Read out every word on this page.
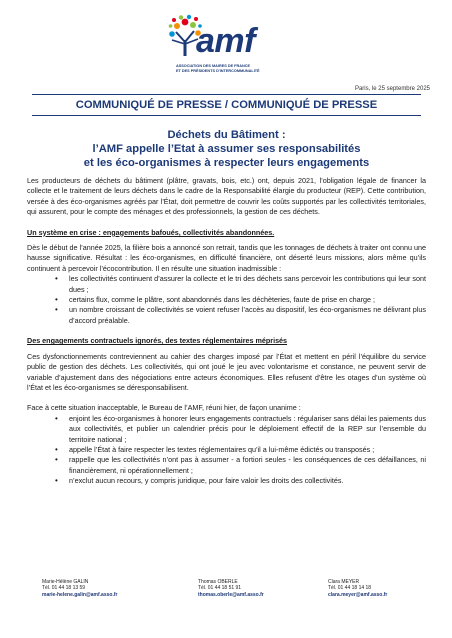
amf
ASSOCIATION DES MAIRES DE FRANCE
ET DES PRÉSIDENTS D'INTERCOMMUNALITÉ
Paris, le 25 septembre 2025
COMMUNIQUÉ DE PRESSE / COMMUNIQUÉ DE PRESSE
Déchets du Bâtiment :
l’AMF appelle l’Etat à assumer ses responsabilités
et les éco-organismes à respecter leurs engagements

Les producteurs de déchets du bâtiment (plâtre, gravats, bois, etc.) ont, depuis 2021, l’obligation légale de financer la collecte et le traitement de leurs déchets dans le cadre de la Responsabilité élargie du producteur (REP). Cette contribution, versée à des éco-organismes agréés par l’État, doit permettre de couvrir les coûts supportés par les collectivités territoriales, qui assurent, pour le compte des ménages et des professionnels, la gestion de ces déchets.

Un système en crise : engagements bafoués, collectivités abandonnées.

Dès le début de l’année 2025, la filière bois a annoncé son retrait, tandis que les tonnages de déchets à traiter ont connu une hausse significative. Résultat : les éco-organismes, en difficulté financière, ont déserté leurs missions, alors même qu’ils continuent à percevoir l’écocontribution. Il en résulte une situation inadmissible :

• les collectivités continuent d’assurer la collecte et le tri des déchets sans percevoir les contributions qui leur sont dues ;
• certains flux, comme le plâtre, sont abandonnés dans les déchèteries, faute de prise en charge ;
• un nombre croissant de collectivités se voient refuser l’accès au dispositif, les éco-organismes ne délivrant plus d’accord préalable.

Des engagements contractuels ignorés, des textes réglementaires méprisés

Ces dysfonctionnements contreviennent au cahier des charges imposé par l’État et mettent en péril l’équilibre du service public de gestion des déchets. Les collectivités, qui ont joué le jeu avec volontarisme et constance, ne peuvent servir de variable d’ajustement dans des négociations entre acteurs économiques. Elles refusent d’être les otages d’un système où l’État et les éco-organismes se déresponsabilisent.

Face à cette situation inacceptable, le Bureau de l’AMF, réuni hier, de façon unanime :

• enjoint les éco-organismes à honorer leurs engagements contractuels : régulariser sans délai les paiements dus aux collectivités, et publier un calendrier précis pour le déploiement effectif de la REP sur l’ensemble du territoire national ;
• appelle l’État à faire respecter les textes réglementaires qu’il a lui-même édictés ou transposés ;
• rappelle que les collectivités n’ont pas à assumer - a fortiori seules - les conséquences de ces défaillances, ni financièrement, ni opérationnellement ;
• n’exclut aucun recours, y compris juridique, pour faire valoir les droits des collectivités.
Marie-Hélène GALIN
Tél. 01 44 18 13 59
marie-helene.galin@amf.asso.fr
Thomas OBERLE
Tél. 01 44 18 51 91
thomas.oberle@amf.asso.fr
Clara MEYER
Tél. 01 44 18 14 18
clara.meyer@amf.asso.fr
